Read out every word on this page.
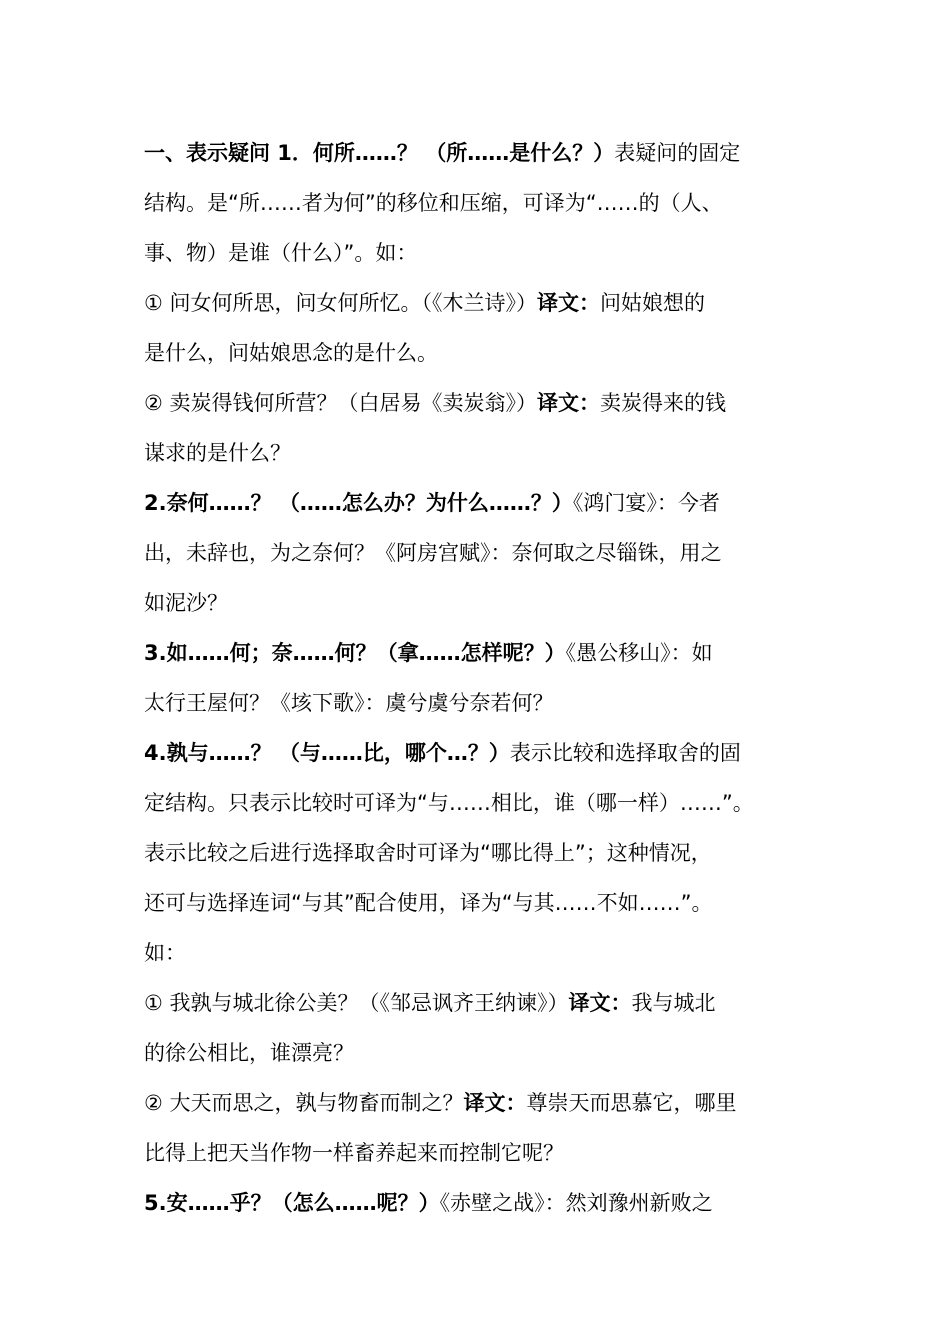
一、表示疑问 1．何所……？ （所……是什么？）表疑问的固定
结构。是“所……者为何”的移位和压缩，可译为“……的（人、
事、物）是谁（什么）”。如：
① 问女何所思，问女何所忆。（《木兰诗》）译文：问姑娘想的
是什么，问姑娘思念的是什么。
② 卖炭得钱何所营？（白居易《卖炭翁》）译文：卖炭得来的钱
谋求的是什么？
2.奈何……？ （……怎么办？为什么……？）《鸿门宴》：今者
出，未辞也，为之奈何？《阿房宫赋》：奈何取之尽锱铢，用之
如泥沙？
3.如……何；奈……何？（拿……怎样呢？）《愚公移山》：如
太行王屋何？《垓下歌》：虞兮虞兮奈若何？
4.孰与……？ （与……比，哪个…？）表示比较和选择取舍的固
定结构。只表示比较时可译为“与……相比，谁（哪一样）……”。
表示比较之后进行选择取舍时可译为“哪比得上”；这种情况，
还可与选择连词“与其”配合使用，译为“与其……不如……”。
如：
① 我孰与城北徐公美？（《邹忌讽齐王纳谏》）译文：我与城北
的徐公相比，谁漂亮？
② 大天而思之，孰与物畜而制之？译文：尊崇天而思慕它，哪里
比得上把天当作物一样畜养起来而控制它呢？
5.安……乎？（怎么……呢？）《赤壁之战》：然刘豫州新败之
